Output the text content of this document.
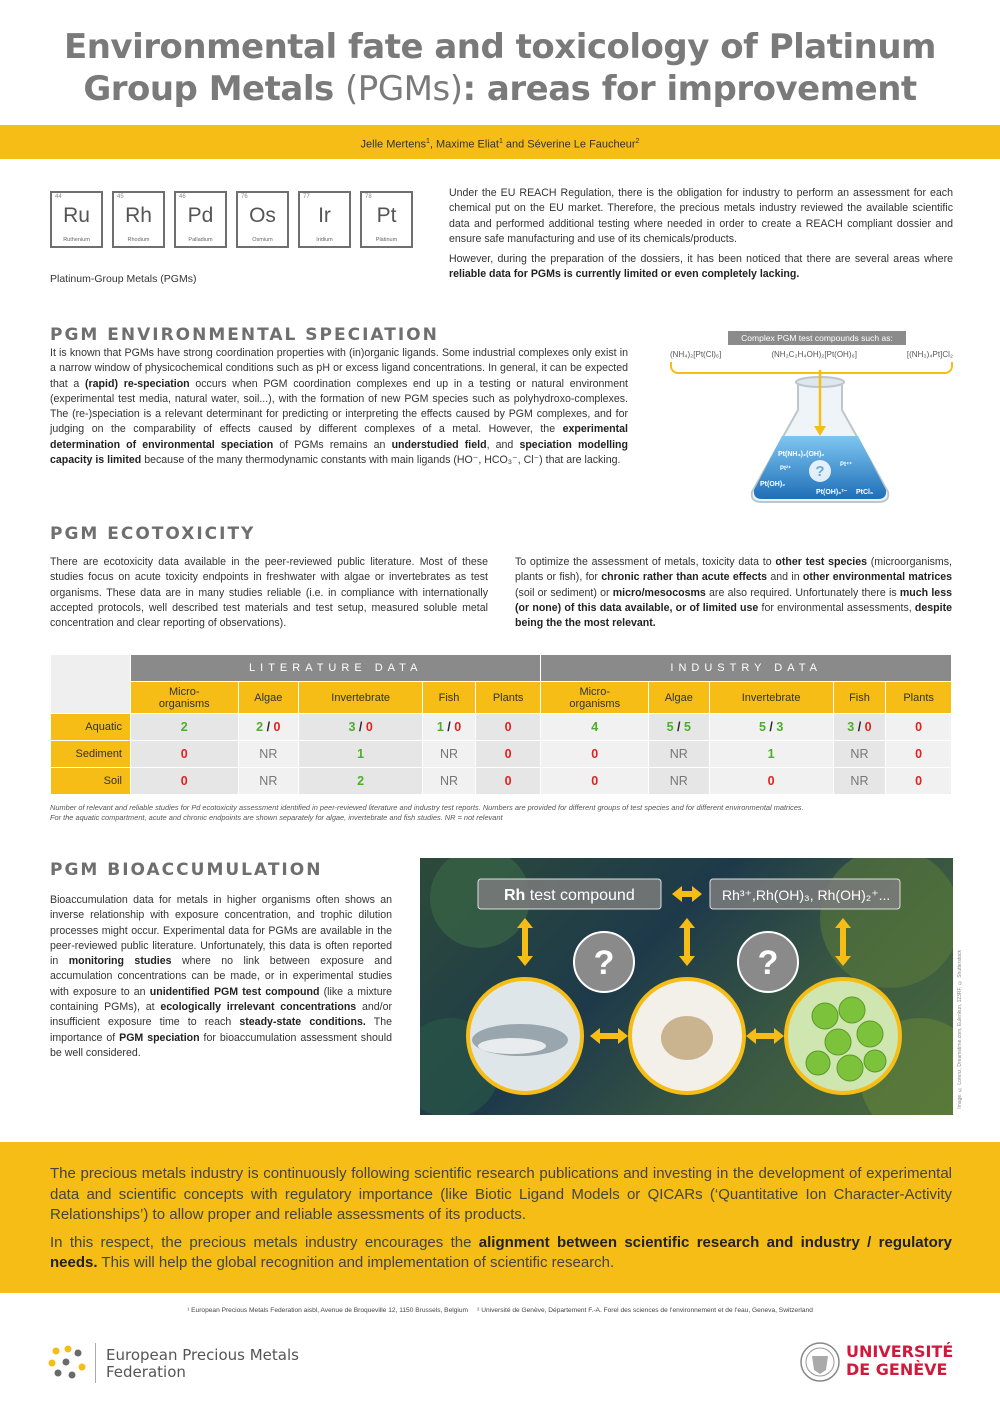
Environmental fate and toxicology of Platinum
Group Metals (PGMs): areas for improvement
Jelle Mertens$^1$, Maxime Eliat$^1$ and Séverine Le Faucheur$^2$
44
Ru
Ruthenium
45
Rh
Rhodium
46
Pd
Palladium
76
Os
Osmium
77
Ir
Iridium
78
Pt
Platinum
Platinum-Group Metals (PGMs)

Under the EU REACH Regulation, there is the obligation for industry to perform an assessment for each chemical put on the EU market. Therefore, the precious metals industry reviewed the available scientific data and performed additional testing where needed in order to create a REACH compliant dossier and ensure safe manufacturing and use of its chemicals/products.

However, during the preparation of the dossiers, it has been noticed that there are several areas where reliable data for PGMs is currently limited or even completely lacking.

PGM ENVIRONMENTAL SPECIATION
It is known that PGMs have strong coordination properties with (in)organic ligands. Some industrial complexes only exist in a narrow window of physicochemical conditions such as pH or excess ligand concentrations. In general, it can be expected that a (rapid) re-speciation occurs when PGM coordination complexes end up in a testing or natural environment (experimental test media, natural water, soil...), with the formation of new PGM species such as polyhydroxo-complexes. The (re-)speciation is a relevant determinant for predicting or interpreting the effects caused by PGM complexes, and for judging on the comparability of effects caused by different complexes of a metal. However, the experimental determination of environmental speciation of PGMs remains an understudied field, and speciation modelling capacity is limited because of the many thermodynamic constants with main ligands (HO⁻, HCO₃⁻, Cl⁻) that are lacking.
Complex PGM test compounds such as:
(NH₄)₂[Pt(Cl)₆]	(NH₂C₂H₄OH)₂[Pt(OH)₆]	[(NH₃)₄Pt]Cl₂
?
Pt(NH₃)₂(OH)₂
Pt²⁺
Pt⁴⁺
Pt(OH)₂
Pt(OH)₆²⁻ PtCl₆
PGM ECOTOXICITY
There are ecotoxicity data available in the peer-reviewed public literature. Most of these studies focus on acute toxicity endpoints in freshwater with algae or invertebrates as test organisms. These data are in many studies reliable (i.e. in compliance with internationally accepted protocols, well described test materials and test setup, measured soluble metal concentration and clear reporting of observations).
To optimize the assessment of metals, toxicity data to other test species (microorganisms, plants or fish), for chronic rather than acute effects and in other environmental matrices (soil or sediment) or micro/mesocosms are also required. Unfortunately there is much less (or none) of this data available, or of limited use for environmental assessments, despite being the the most relevant.
	LITERATURE DATA					INDUSTRY DATA				
	Micro-
organisms	Algae	Invertebrate	Fish	Plants	Micro-
organisms	Algae	Invertebrate	Fish	Plants
Aquatic	2	2 / 0	3 / 0	1 / 0	0	4	5 / 5	5 / 3	3 / 0	0
Sediment	0	NR	1	NR	0	0	NR	1	NR	0
Soil	0	NR	2	NR	0	0	NR	0	NR	0
Number of relevant and reliable studies for Pd ecotoxicity assessment identified in peer-reviewed literature and industry test reports. Numbers are provided for different groups of test species and for different environmental matrices.
For the aquatic compartment, acute and chronic endpoints are shown separately for algae, invertebrate and fish studies. NR = not relevant
PGM BIOACCUMULATION
Bioaccumulation data for metals in higher organisms often shows an inverse relationship with exposure concentration, and trophic dilution processes might occur. Experimental data for PGMs are available in the peer-reviewed public literature. Unfortunately, this data is often reported in monitoring studies where no link between exposure and accumulation concentrations can be made, or in experimental studies with exposure to an unidentified PGM test compound (like a mixture containing PGMs), at ecologically irrelevant concentrations and/or insufficient exposure time to reach steady-state conditions. The importance of PGM speciation for bioaccumulation assessment should be well considered.
Rh test compound	Rh³⁺,Rh(OH)₃, Rh(OH)₂⁺...
?	?	Image: © Lorenz, Dreamstime.com, Eulenkun, 123RF, © Shutterstock

The precious metals industry is continuously following scientific research publications and investing in the development of experimental data and scientific concepts with regulatory importance (like Biotic Ligand Models or QICARs (‘Quantitative Ion Character-Activity Relationships’) to allow proper and reliable assessments of its products.

In this respect, the precious metals industry encourages the alignment between scientific research and industry / regulatory needs. This will help the global recognition and implementation of scientific research.

¹ European Precious Metals Federation aisbl, Avenue de Broqueville 12, 1150 Brussels, Belgium ² Université de Genève, Département F.-A. Forel des sciences de l’environnement et de l’eau, Geneva, Switzerland
European Precious Metals
Federation
UNIVERSITÉ
DE GENÈVE
